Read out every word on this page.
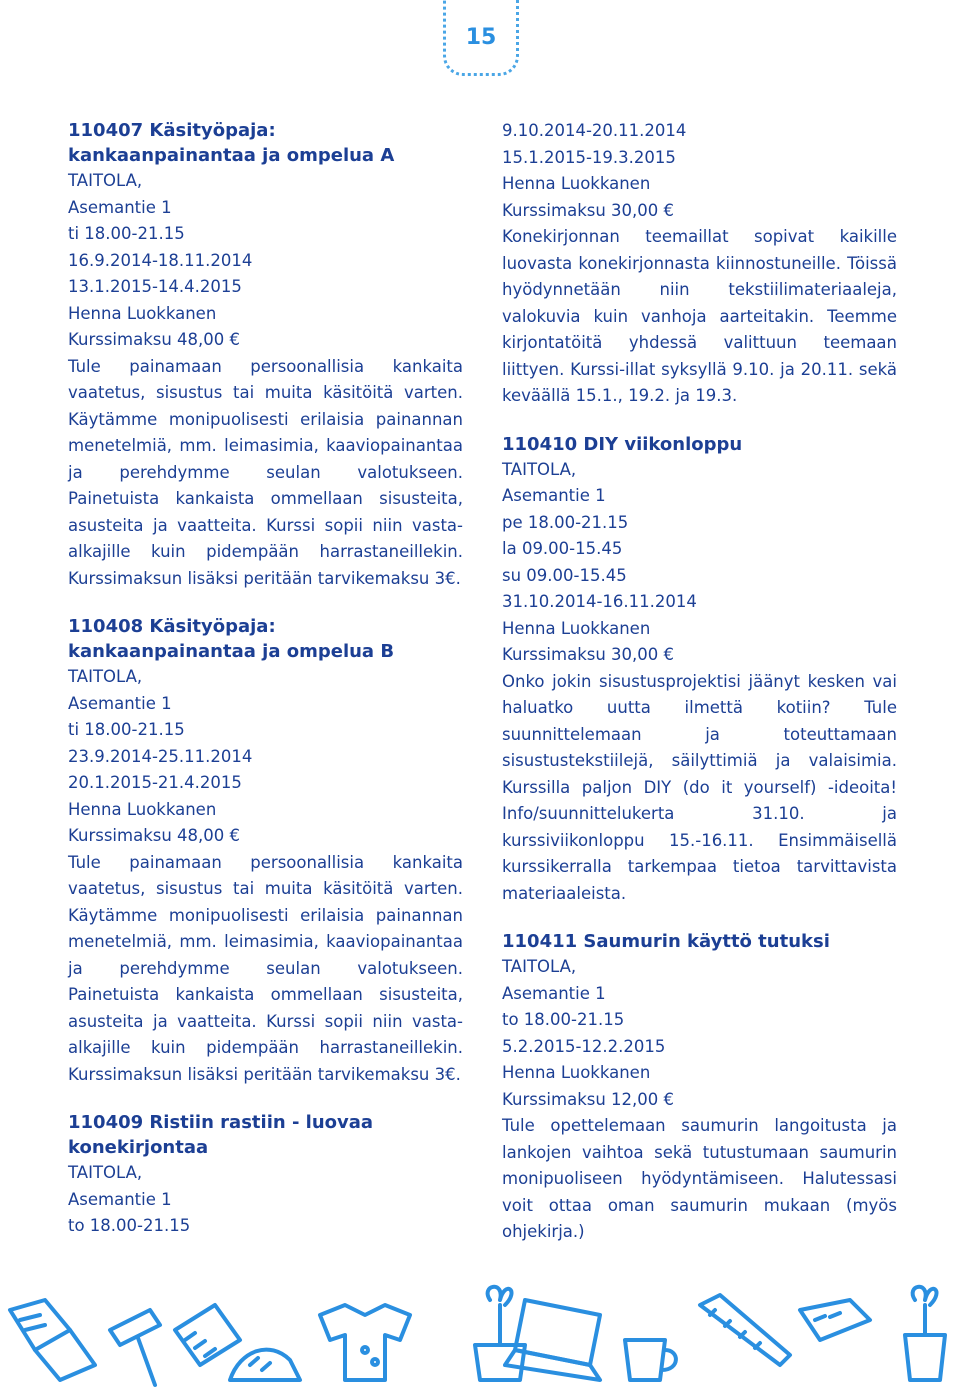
15
110407 Käsityöpaja: kankaanpainantaa ja ompelua A
TAITOLA,
Asemantie 1
ti 18.00-21.15
16.9.2014-18.11.2014
13.1.2015-14.4.2015
Henna Luokkanen
Kurssimaksu 48,00 €

Tule painamaan persoonallisia kankaita vaatetus, sisustus tai muita käsitöitä varten. Käytämme monipuolisesti erilaisia painannan menetelmiä, mm. leimasimia, kaaviopainantaa ja perehdymme seulan valotukseen. Painetuista kankaista ommellaan sisusteita, asusteita ja vaatteita. Kurssi sopii niin vasta-alkajille kuin pidempään harrastaneillekin. Kurssimaksun lisäksi peritään tarvikemaksu 3€.

110408 Käsityöpaja: kankaanpainantaa ja ompelua B
TAITOLA,
Asemantie 1
ti 18.00-21.15
23.9.2014-25.11.2014
20.1.2015-21.4.2015
Henna Luokkanen
Kurssimaksu 48,00 €

Tule painamaan persoonallisia kankaita vaatetus, sisustus tai muita käsitöitä varten. Käytämme monipuolisesti erilaisia painannan menetelmiä, mm. leimasimia, kaaviopainantaa ja perehdymme seulan valotukseen. Painetuista kankaista ommellaan sisusteita, asusteita ja vaatteita. Kurssi sopii niin vasta-alkajille kuin pidempään harrastaneillekin. Kurssimaksun lisäksi peritään tarvikemaksu 3€.

110409 Ristiin rastiin - luovaa konekirjontaa
TAITOLA,
Asemantie 1
to 18.00-21.15
9.10.2014-20.11.2014
15.1.2015-19.3.2015
Henna Luokkanen
Kurssimaksu 30,00 €

Konekirjonnan teemaillat sopivat kaikille luovasta konekirjonnasta kiinnostuneille. Töissä hyödynnetään niin tekstiilimateriaaleja, valokuvia kuin vanhoja aarteitakin. Teemme kirjontatöitä yhdessä valittuun teemaan liittyen. Kurssi-illat syksyllä 9.10. ja 20.11. sekä keväällä 15.1., 19.2. ja 19.3.

110410 DIY viikonloppu
TAITOLA,
Asemantie 1
pe 18.00-21.15
la 09.00-15.45
su 09.00-15.45
31.10.2014-16.11.2014
Henna Luokkanen
Kurssimaksu 30,00 €

Onko jokin sisustusprojektisi jäänyt kesken vai haluatko uutta ilmettä kotiin? Tule suunnittelemaan ja toteuttamaan sisustustekstiilejä, säilyttimiä ja valaisimia. Kurssilla paljon DIY (do it yourself) -ideoita! Info/suunnittelukerta 31.10. ja kurssiviikonloppu 15.-16.11. Ensimmäisellä kurssikerralla tarkempaa tietoa tarvittavista materiaaleista.

110411 Saumurin käyttö tutuksi
TAITOLA,
Asemantie 1
to 18.00-21.15
5.2.2015-12.2.2015
Henna Luokkanen
Kurssimaksu 12,00 €

Tule opettelemaan saumurin langoitusta ja lankojen vaihtoa sekä tutustumaan saumurin monipuoliseen hyödyntämiseen. Halutessasi voit ottaa oman saumurin mukaan (myös ohjekirja.)
